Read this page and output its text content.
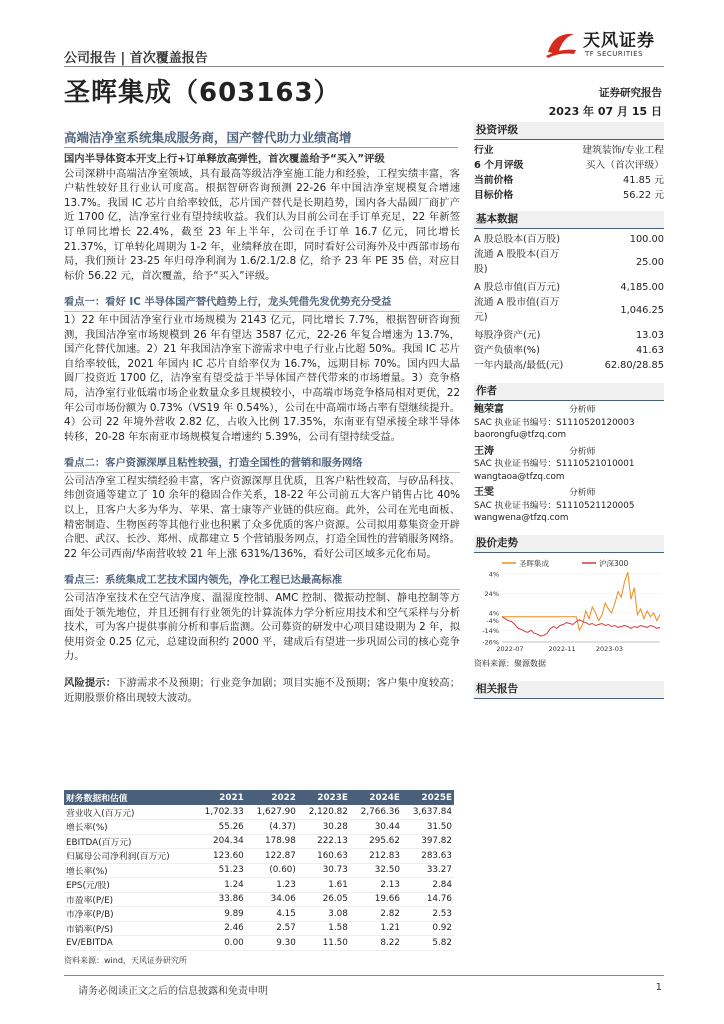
公司报告 | 首次覆盖报告
天风证券
TF SECURITIES
圣晖集成（603163）	证券研究报告
2023 年 07 月 15 日
高端洁净室系统集成服务商，国产替代助力业绩高增
国内半导体资本开支上行+订单释放高弹性，首次覆盖给予“买入”评级
公司深耕中高端洁净室领域，具有最高等级洁净室施工能力和经验，工程实绩丰富，客户粘性较好且行业认可度高。根据智研咨询预测 22-26 年中国洁净室规模复合增速 13.7%。我国 IC 芯片自给率较低，芯片国产替代是长期趋势，国内各大晶圆厂商扩产近 1700 亿，洁净室行业有望持续收益。我们认为目前公司在手订单充足，22 年新签订单同比增长 22.4%，截至 23 年上半年，公司在手订单 16.7 亿元，同比增长 21.37%，订单转化周期为 1-2 年，业绩释放在即，同时看好公司海外及中西部市场布局，我们预计 23-25 年归母净利润为 1.6/2.1/2.8 亿，给予 23 年 PE 35 倍，对应目标价 56.22 元，首次覆盖，给予“买入”评级。
看点一：看好 IC 半导体国产替代趋势上行，龙头凭借先发优势充分受益
1）22 年中国洁净室行业市场规模为 2143 亿元，同比增长 7.7%，根据智研咨询预测，我国洁净室市场规模到 26 年有望达 3587 亿元，22-26 年复合增速为 13.7%，国产化替代加速。2）21 年我国洁净室下游需求中电子行业占比超 50%。我国 IC 芯片自给率较低，2021 年国内 IC 芯片自给率仅为 16.7%，远期目标 70%。国内四大晶圆厂投资近 1700 亿，洁净室有望受益于半导体国产替代带来的市场增量。3）竞争格局，洁净室行业低端市场企业数量众多且规模较小，中高端市场竞争格局相对更优，22 年公司市场份额为 0.73%（VS19 年 0.54%），公司在中高端市场占率有望继续提升。4）公司 22 年境外营收 2.82 亿，占收入比例 17.35%，东南亚有望承接全球半导体转移，20-28 年东南亚市场规模复合增速约 5.39%，公司有望持续受益。
看点二：客户资源深厚且粘性较强，打造全国性的营销和服务网络
公司洁净室工程实绩经验丰富，客户资源深厚且优质，且客户粘性较高，与矽品科技、纬创资通等建立了 10 余年的稳固合作关系，18-22 年公司前五大客户销售占比 40%以上，且客户大多为华为、苹果、富士康等产业链的供应商。此外，公司在光电面板、精密制造、生物医药等其他行业也积累了众多优质的客户资源。公司拟用募集资金开辟合肥、武汉、长沙、郑州、成都建立 5 个营销服务网点，打造全国性的营销服务网络。22 年公司西南/华南营收较 21 年上涨 631%/136%，看好公司区域多元化布局。
看点三：系统集成工艺技术国内领先，净化工程已达最高标准
公司洁净室技术在空气洁净度、温湿度控制、AMC 控制、微振动控制、静电控制等方面处于领先地位，并且还拥有行业领先的计算流体力学分析应用技术和空气采样与分析技术，可为客户提供事前分析和事后监测。公司募资的研发中心项目建设期为 2 年，拟使用资金 0.25 亿元，总建设面积约 2000 平，建成后有望进一步巩固公司的核心竞争力。
风险提示：下游需求不及预期；行业竞争加剧；项目实施不及预期；客户集中度较高；近期股票价格出现较大波动。
投资评级
行业	建筑装饰/专业工程
6 个月评级	买入（首次评级）
当前价格	41.85 元
目标价格	56.22 元
基本数据
A 股总股本(百万股)	100.00
流通 A 股股本(百万股)
25.00
A 股总市值(百万元)	4,185.00
流通 A 股市值(百万元)
1,046.25
每股净资产(元)	13.03
资产负债率(%)	41.63
一年内最高/最低(元)	62.80/28.85
作者
鲍荣富	分析师
SAC 执业证书编号：S1110520120003
baorongfu@tfzq.com
王涛	分析师
SAC 执业证书编号：S1110521010001
wangtaoa@tfzq.com
王雯	分析师
SAC 执业证书编号：S1110521120005
wangwena@tfzq.com
股价走势
圣晖集成	沪深300
4%
24%
4%
-4%
-14%
-26%
2022-07	2022-11	2023-03
资料来源：聚源数据
相关报告
财务数据和估值	2021	2022	2023E	2024E	2025E
营业收入(百万元)	1,702.33	1,627.90	2,120.82	2,766.36	3,637.84
增长率(%)	55.26	(4.37)	30.28	30.44	31.50
EBITDA(百万元)	204.34	178.98	222.13	295.62	397.82
归属母公司净利润(百万元)	123.60	122.87	160.63	212.83	283.63
增长率(%)	51.23	(0.60)	30.73	32.50	33.27
EPS(元/股)	1.24	1.23	1.61	2.13	2.84
市盈率(P/E)	33.86	34.06	26.05	19.66	14.76
市净率(P/B)	9.89	4.15	3.08	2.82	2.53
市销率(P/S)	2.46	2.57	1.58	1.21	0.92
EV/EBITDA	0.00	9.30	11.50	8.22	5.82
资料来源：wind，天风证券研究所
请务必阅读正文之后的信息披露和免责申明	1
